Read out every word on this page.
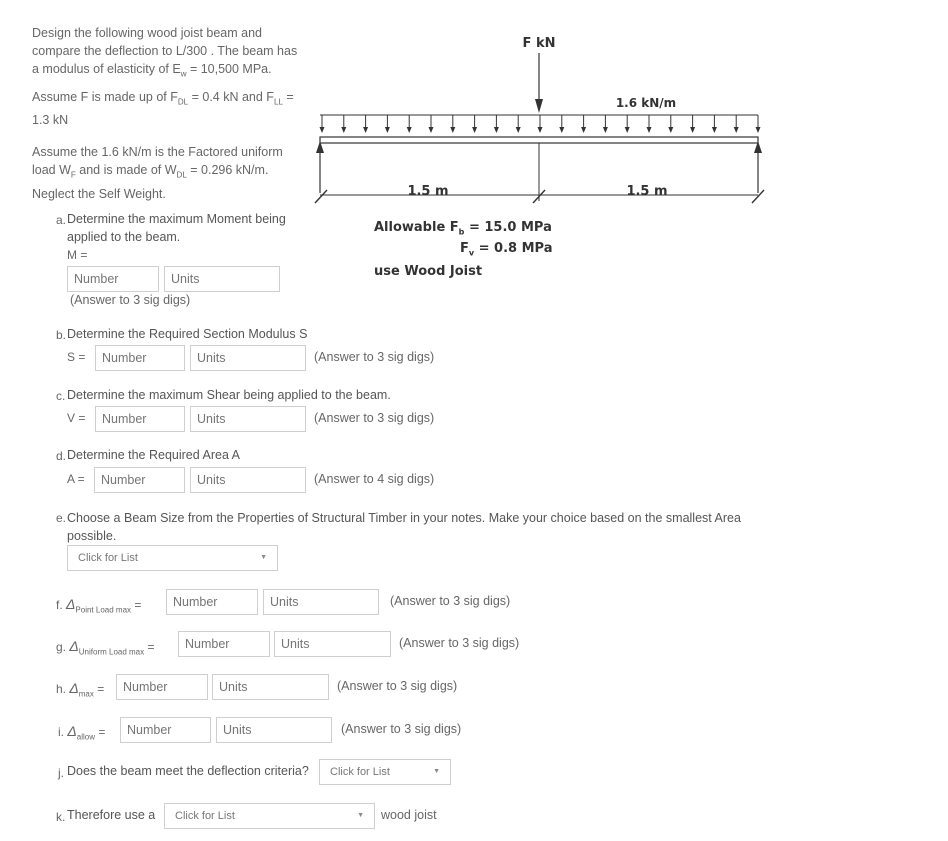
Design the following wood joist beam and compare the deflection to L/300 . The beam has a modulus of elasticity of $E_w = 10,500$ MPa.

Assume F is made up of $F_{DL} = 0.4$ kN and $F_{LL} = 1.3$ kN

Assume the 1.6 kN/m is the Factored uniform load $W_F$ and is made of $W_{DL} = 0.296$ kN/m.

Neglect the Self Weight.

F kN
1.6 kN/m
1.5 m	1.5 m
Allowable $F_b = 15.0$ MPa
$F_v = 0.8$ MPa
use Wood Joist
a. Determine the maximum Moment being applied to the beam.
M =
Number
Units
(Answer to 3 sig digs)
b. Determine the Required Section Modulus S
S =
Number
Units	(Answer to 3 sig digs)
c. Determine the maximum Shear being applied to the beam.
V =
Number
Units	(Answer to 3 sig digs)
d. Determine the Required Area A
A =
Number
Units	(Answer to 4 sig digs)
e. Choose a Beam Size from the Properties of Structural Timber in your notes. Make your choice based on the smallest Area possible.
Click for List	▼
f. $\Delta_{Point Load max}$ =
Number
Units	(Answer to 3 sig digs)
g. $\Delta_{Uniform Load max}$ =
Number
Units	(Answer to 3 sig digs)
h. $\Delta_{max}$ =
Number
Units	(Answer to 3 sig digs)
i. $\Delta_{allow}$ =
Number
Units	(Answer to 3 sig digs)
j. Does the beam meet the deflection criteria?	Click for List	▼
k. Therefore use a	Click for List	▼ wood joist
